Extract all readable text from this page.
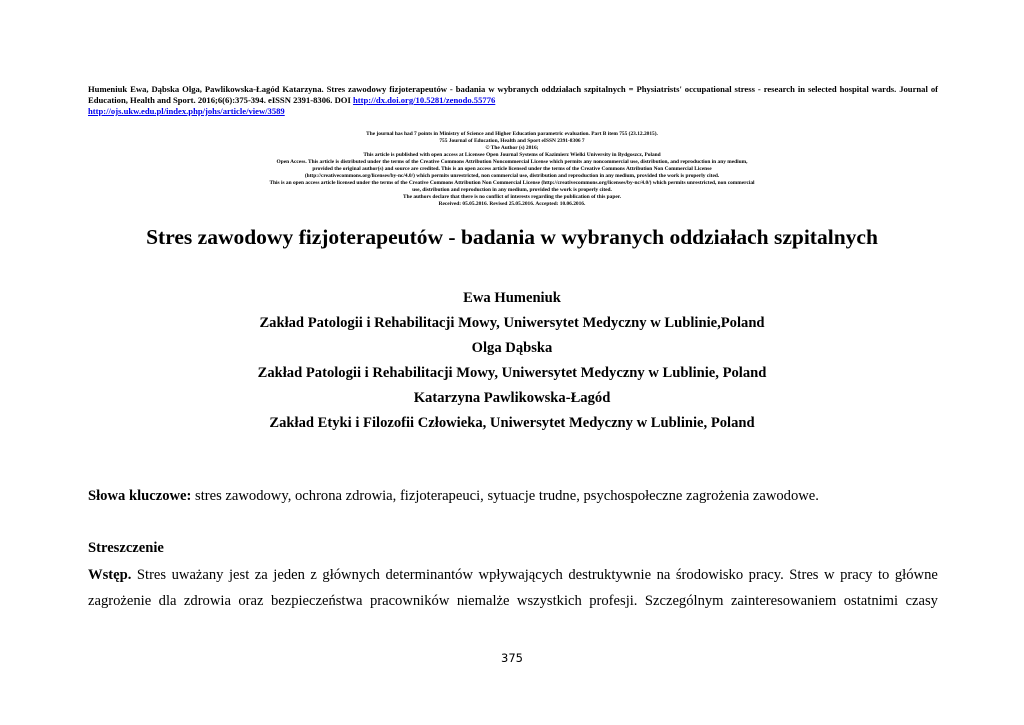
Humeniuk Ewa, Dąbska Olga, Pawlikowska-Łagód Katarzyna. Stres zawodowy fizjoterapeutów - badania w wybranych oddziałach szpitalnych = Physiatrists' occupational stress - research in selected hospital wards. Journal of Education, Health and Sport. 2016;6(6):375-394. eISSN 2391-8306. DOI http://dx.doi.org/10.5281/zenodo.55776
http://ojs.ukw.edu.pl/index.php/johs/article/view/3589
The journal has had 7 points in Ministry of Science and Higher Education parametric evaluation. Part B item 755 (23.12.2015).
755 Journal of Education, Health and Sport eISSN 2391-8306 7
© The Author (s) 2016;
This article is published with open access at Licensee Open Journal Systems of Kazimierz Wielki University in Bydgoszcz, Poland
Open Access. This article is distributed under the terms of the Creative Commons Attribution Noncommercial License which permits any noncommercial use, distribution, and reproduction in any medium,
provided the original author(s) and source are credited. This is an open access article licensed under the terms of the Creative Commons Attribution Non Commercial License
(http://creativecommons.org/licenses/by-nc/4.0/) which permits unrestricted, non commercial use, distribution and reproduction in any medium, provided the work is properly cited.
This is an open access article licensed under the terms of the Creative Commons Attribution Non Commercial License (http://creativecommons.org/licenses/by-nc/4.0/) which permits unrestricted, non commercial
use, distribution and reproduction in any medium, provided the work is properly cited.
The authors declare that there is no conflict of interests regarding the publication of this paper.
Received: 05.05.2016. Revised 25.05.2016. Accepted: 10.06.2016.
Stres zawodowy fizjoterapeutów - badania w wybranych oddziałach szpitalnych
Ewa Humeniuk
Zakład Patologii i Rehabilitacji Mowy, Uniwersytet Medyczny w Lublinie,Poland
Olga Dąbska
Zakład Patologii i Rehabilitacji Mowy, Uniwersytet Medyczny w Lublinie, Poland
Katarzyna Pawlikowska-Łagód
Zakład Etyki i Filozofii Człowieka, Uniwersytet Medyczny w Lublinie, Poland
Słowa kluczowe: stres zawodowy, ochrona zdrowia, fizjoterapeuci, sytuacje trudne, psychospołeczne zagrożenia zawodowe.
Streszczenie
Wstęp. Stres uważany jest za jeden z głównych determinantów wpływających destruktywnie na środowisko pracy. Stres w pracy to główne
zagrożenie dla zdrowia oraz bezpieczeństwa pracowników niemalże wszystkich profesji. Szczególnym zainteresowaniem ostatnimi czasy
375
